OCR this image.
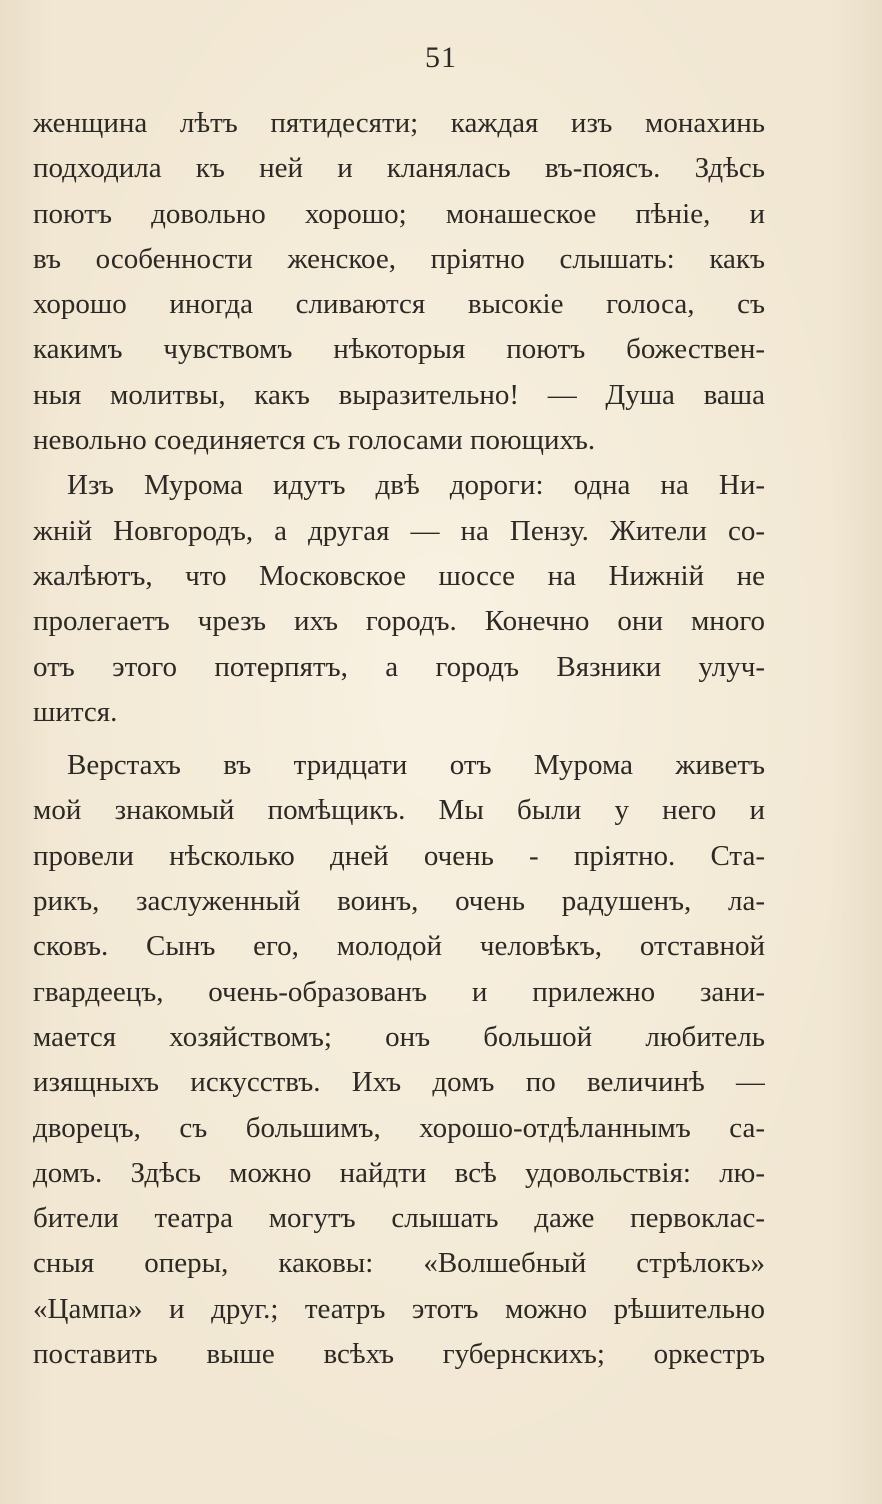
51
женщина лѣтъ пятидесяти; каждая изъ монахинь
подходила къ ней и кланялась въ-поясъ. Здѣсь
поютъ довольно хорошо; монашеское пѣніе, и
въ особенности женское, пріятно слышать: какъ
хорошо иногда сливаются высокіе голоса, съ
какимъ чувствомъ нѣкоторыя поютъ божествен-
ныя молитвы, какъ выразительно! — Душа ваша
невольно соединяется съ голосами поющихъ.
Изъ Мурома идутъ двѣ дороги: одна на Ни-
жній Новгородъ, а другая — на Пензу. Жители со-
жалѣютъ, что Московское шоссе на Нижній не
пролегаетъ чрезъ ихъ городъ. Конечно они много
отъ этого потерпятъ, а городъ Вязники улуч-
шится.
Верстахъ въ тридцати отъ Мурома живетъ
мой знакомый помѣщикъ. Мы были у него и
провели нѣсколько дней очень - пріятно. Ста-
рикъ, заслуженный воинъ, очень радушенъ, ла-
сковъ. Сынъ его, молодой человѣкъ, отставной
гвардеецъ, очень-образованъ и прилежно зани-
мается хозяйствомъ; онъ большой любитель
изящныхъ искусствъ. Ихъ домъ по величинѣ —
дворецъ, съ большимъ, хорошо-отдѣланнымъ са-
домъ. Здѣсь можно найдти всѣ удовольствія: лю-
бители театра могутъ слышать даже первоклас-
сныя оперы, каковы: «Волшебный стрѣлокъ»
«Цампа» и друг.; театръ этотъ можно рѣшительно
поставить выше всѣхъ губернскихъ; оркестръ
